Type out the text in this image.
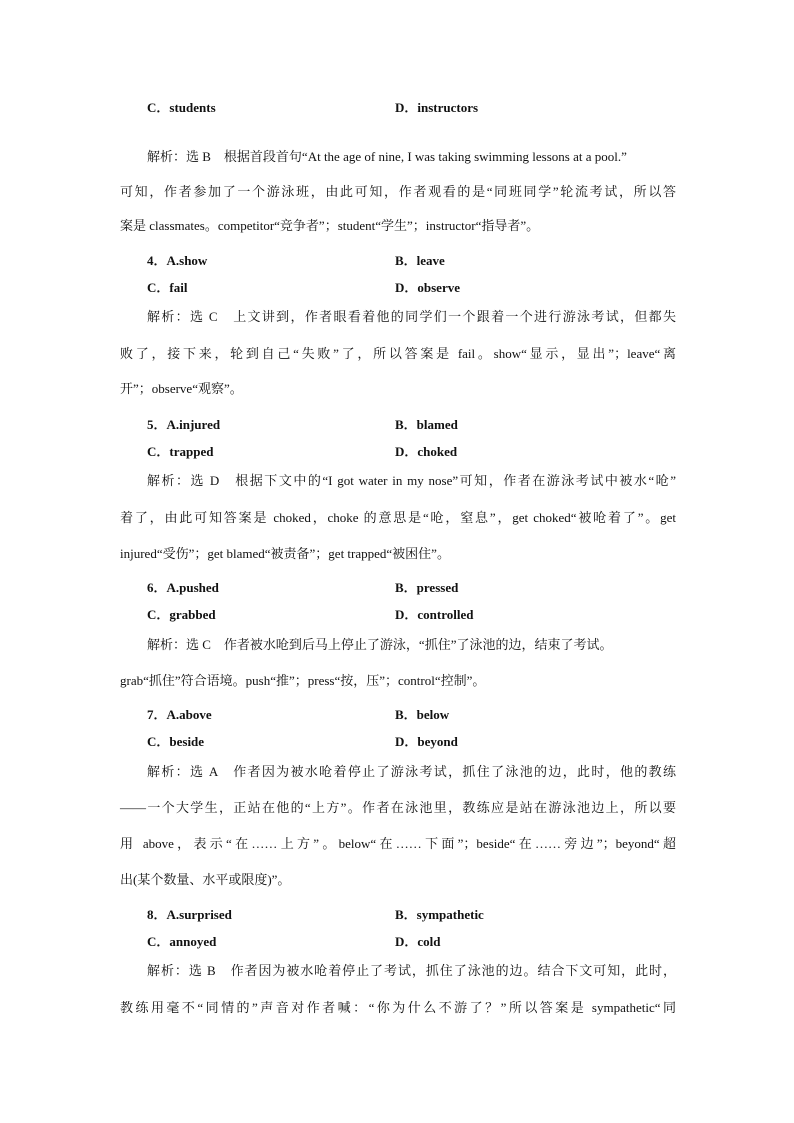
C．students	D．instructors
解析：选 B　根据首段首句“At the age of nine, I was taking swimming lessons at a pool.”
可知，作者参加了一个游泳班，由此可知，作者观看的是“同班同学”轮流考试，所以答
案是 classmates。competitor“竞争者”；student“学生”；instructor“指导者”。
4．A.show	B．leave
C．fail	D．observe
解析：选 C　上文讲到，作者眼看着他的同学们一个跟着一个进行游泳考试，但都失
败了，接下来，轮到自己“失败”了，所以答案是 fail。show“显示，显出”；leave“离
开”；observe“观察”。
5．A.injured	B．blamed
C．trapped	D．choked
解析：选 D　根据下文中的“I got water in my nose”可知，作者在游泳考试中被水“呛”
着了，由此可知答案是 choked，choke 的意思是“呛，窒息”，get choked“被呛着了”。get
injured“受伤”；get blamed“被责备”；get trapped“被困住”。
6．A.pushed	B．pressed
C．grabbed	D．controlled
解析：选 C　作者被水呛到后马上停止了游泳，“抓住”了泳池的边，结束了考试。
grab“抓住”符合语境。push“推”；press“按，压”；control“控制”。
7．A.above	B．below
C．beside	D．beyond
解析：选 A　作者因为被水呛着停止了游泳考试，抓住了泳池的边，此时，他的教练
——一个大学生，正站在他的“上方”。作者在泳池里，教练应是站在游泳池边上，所以要
用 above，表示“在……上方”。below“在……下面”；beside“在……旁边”；beyond“超
出(某个数量、水平或限度)”。
8．A.surprised	B．sympathetic
C．annoyed	D．cold
解析：选 B　作者因为被水呛着停止了考试，抓住了泳池的边。结合下文可知，此时，
教练用毫不“同情的”声音对作者喊：“你为什么不游了？”所以答案是 sympathetic“同
